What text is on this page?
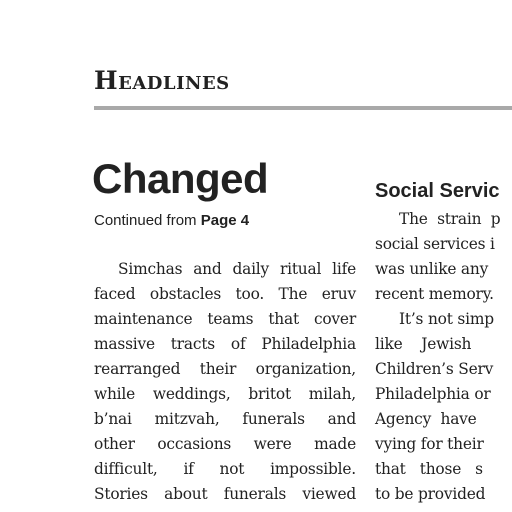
Headlines
Changed
Continued from Page 4
Simchas and daily ritual life
faced obstacles too. The eruv
maintenance teams that cover
massive tracts of Philadelphia
rearranged their organization,
while weddings, britot milah,
b’nai mitzvah, funerals and
other occasions were made
difficult, if not impossible.
Stories about funerals viewed
Social Servic
The  strain  p
social services i
was unlike any
recent memory.
It’s not simp
like    Jewish
Children’s Serv
Philadelphia or
Agency  have
vying for their
that   those   s
to be provided
